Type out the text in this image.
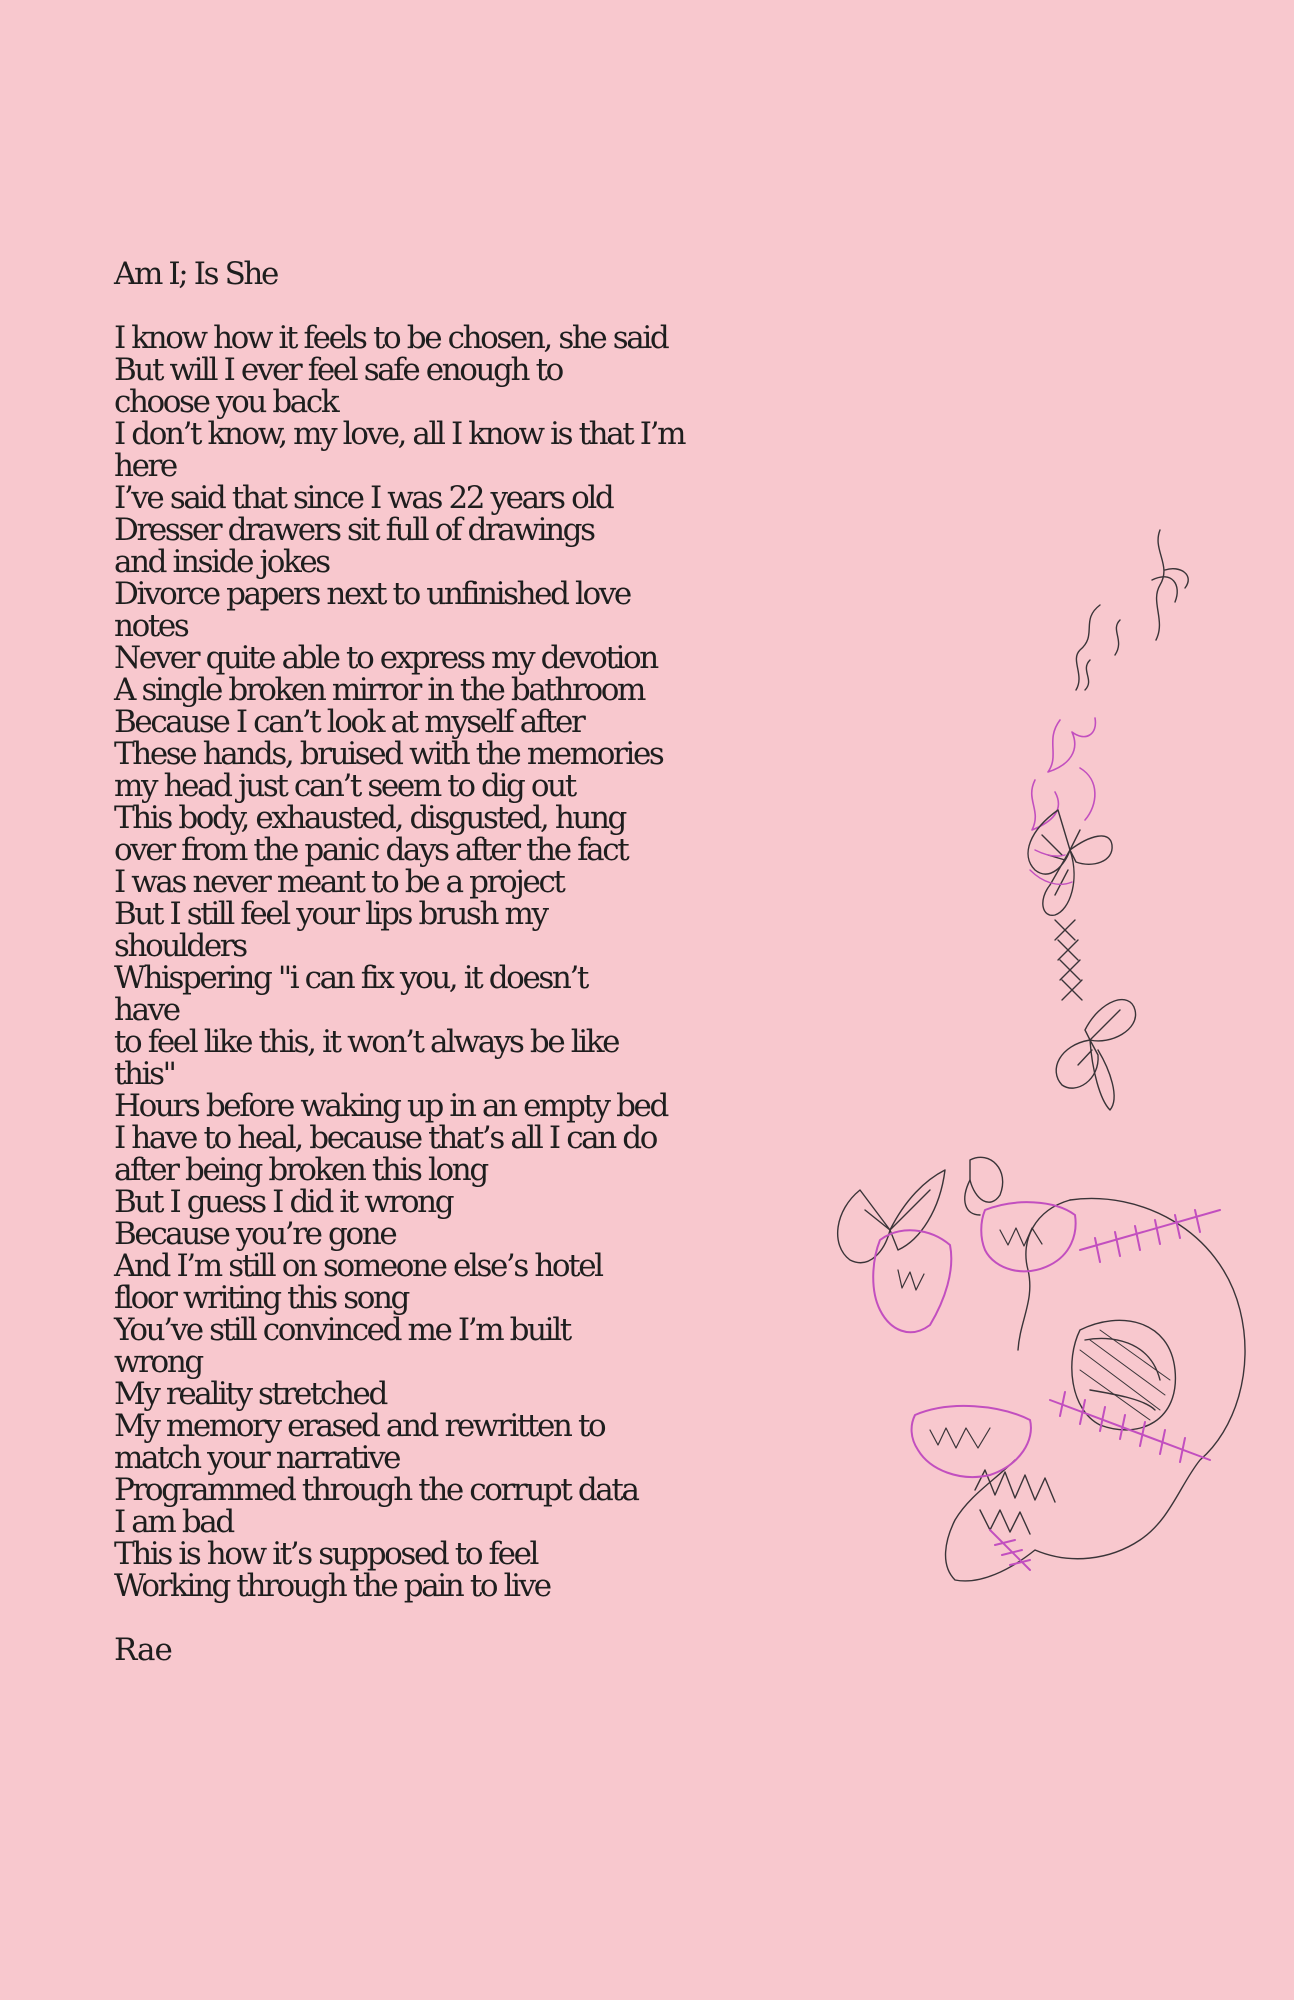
Am I; Is She
I know how it feels to be chosen, she said
But will I ever feel safe enough to
choose you back
I don’t know, my love, all I know is that I’m
here
I’ve said that since I was 22 years old
Dresser drawers sit full of drawings
and inside jokes
Divorce papers next to unfinished love
notes
Never quite able to express my devotion
A single broken mirror in the bathroom
Because I can’t look at myself after
These hands, bruised with the memories
my head just can’t seem to dig out
This body, exhausted, disgusted, hung
over from the panic days after the fact
I was never meant to be a project
But I still feel your lips brush my
shoulders
Whispering "i can fix you, it doesn’t
have
to feel like this, it won’t always be like
this"
Hours before waking up in an empty bed
I have to heal, because that’s all I can do
after being broken this long
But I guess I did it wrong
Because you’re gone
And I’m still on someone else’s hotel
floor writing this song
You’ve still convinced me I’m built
wrong
My reality stretched
My memory erased and rewritten to
match your narrative
Programmed through the corrupt data
I am bad
This is how it’s supposed to feel
Working through the pain to live
Rae
